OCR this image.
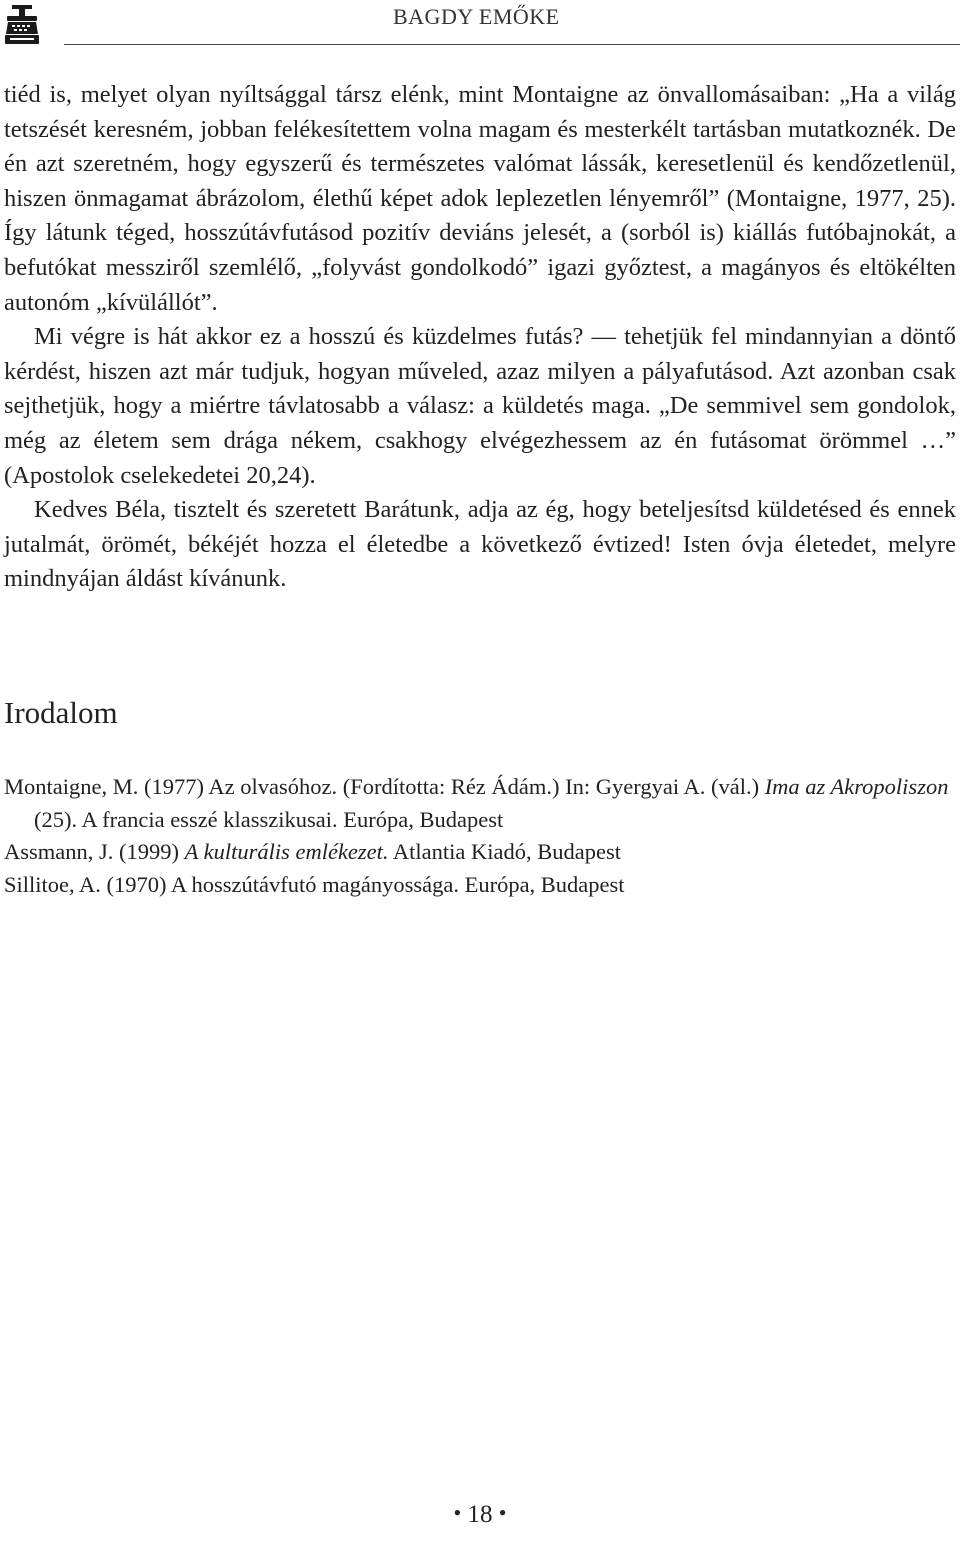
BAGDY EMŐKE

tiéd is, melyet olyan nyíltsággal társz elénk, mint Montaigne az önvallomásaiban: „Ha a világ tetszését keresném, jobban felékesítettem volna magam és mesterkélt tartásban mutatkoznék. De én azt szeretném, hogy egyszerű és természetes valómat lássák, keresetlenül és kendőzetlenül, hiszen önmagamat ábrázolom, élethű képet adok leplezetlen lényemről” (Montaigne, 1977, 25). Így látunk téged, hosszútávfutásod pozitív deviáns jelesét, a (sorból is) kiállás futóbajnokát, a befutókat messziről szemlélő, „folyvást gondolkodó” igazi győztest, a magányos és eltökélten autonóm „kívülállót”.

Mi végre is hát akkor ez a hosszú és küzdelmes futás? — tehetjük fel mindannyian a döntő kérdést, hiszen azt már tudjuk, hogyan műveled, azaz milyen a pályafutásod. Azt azonban csak sejthetjük, hogy a miértre távlatosabb a válasz: a küldetés maga. „De semmivel sem gondolok, még az életem sem drága nékem, csakhogy elvégezhessem az én futásomat örömmel …” (Apostolok cselekedetei 20,24).

Kedves Béla, tisztelt és szeretett Barátunk, adja az ég, hogy beteljesítsd küldetésed és ennek jutalmát, örömét, békéjét hozza el életedbe a következő évtized! Isten óvja életedet, melyre mindnyájan áldást kívánunk.

Irodalom

Montaigne, M. (1977) Az olvasóhoz. (Fordította: Réz Ádám.) In: Gyergyai A. (vál.) Ima az Akropoliszon (25). A francia esszé klasszikusai. Európa, Budapest

Assmann, J. (1999) A kulturális emlékezet. Atlantia Kiadó, Budapest

Sillitoe, A. (1970) A hosszútávfutó magányossága. Európa, Budapest

• 18 •
